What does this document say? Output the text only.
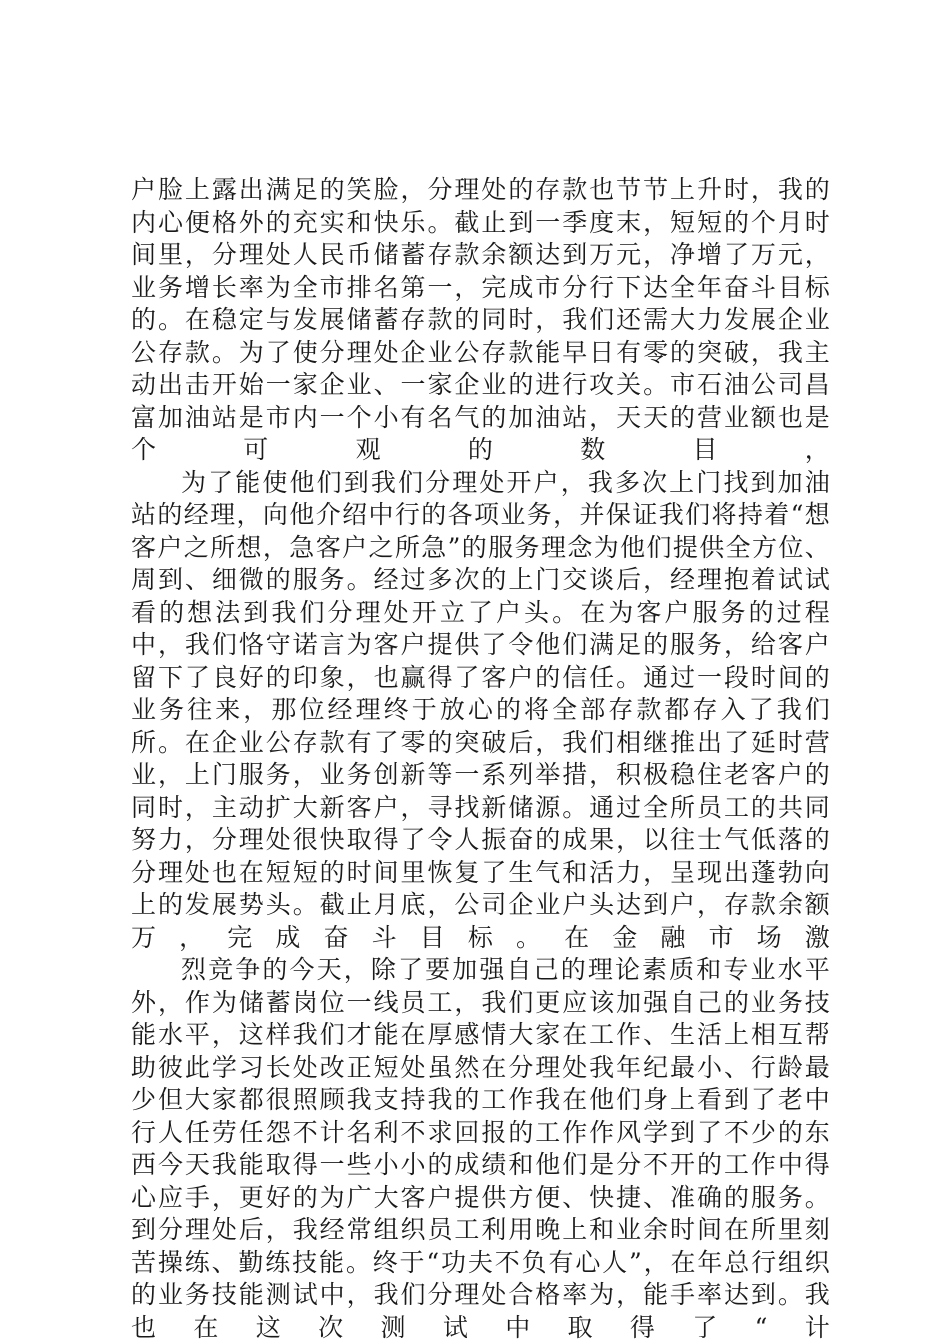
户脸上露出满足的笑脸，分理处的存款也节节上升时，我的内心便格外的充实和快乐。截止到一季度末，短短的个月时间里，分理处人民币储蓄存款余额达到万元，净增了万元，业务增长率为全市排名第一，完成市分行下达全年奋斗目标的。在稳定与发展储蓄存款的同时，我们还需大力发展企业公存款。为了使分理处企业公存款能早日有零的突破，我主动出击开始一家企业、一家企业的进行攻关。市石油公司昌富加油站是市内一个小有名气的加油站，天天的营业额也是个可观的数目，

为了能使他们到我们分理处开户，我多次上门找到加油站的经理，向他介绍中行的各项业务，并保证我们将持着“想客户之所想，急客户之所急”的服务理念为他们提供全方位、周到、细微的服务。经过多次的上门交谈后，经理抱着试试看的想法到我们分理处开立了户头。在为客户服务的过程中，我们恪守诺言为客户提供了令他们满足的服务，给客户留下了良好的印象，也赢得了客户的信任。通过一段时间的业务往来，那位经理终于放心的将全部存款都存入了我们所。在企业公存款有了零的突破后，我们相继推出了延时营业，上门服务，业务创新等一系列举措，积极稳住老客户的同时，主动扩大新客户，寻找新储源。通过全所员工的共同努力，分理处很快取得了令人振奋的成果，以往士气低落的分理处也在短短的时间里恢复了生气和活力，呈现出蓬勃向上的发展势头。截止月底，公司企业户头达到户，存款余额万，完成奋斗目标。在金融市场激

烈竞争的今天，除了要加强自己的理论素质和专业水平外，作为储蓄岗位一线员工，我们更应该加强自己的业务技能水平，这样我们才能在厚感情大家在工作、生活上相互帮助彼此学习长处改正短处虽然在分理处我年纪最小、行龄最少但大家都很照顾我支持我的工作我在他们身上看到了老中行人任劳任怨不计名利不求回报的工作作风学到了不少的东西今天我能取得一些小小的成绩和他们是分不开的工作中得心应手，更好的为广大客户提供方便、快捷、准确的服务。到分理处后，我经常组织员工利用晚上和业余时间在所里刻苦操练、勤练技能。终于“功夫不负有心人”，在年总行组织的业务技能测试中，我们分理处合格率为，能手率达到。我也在这次测试中取得了“计
